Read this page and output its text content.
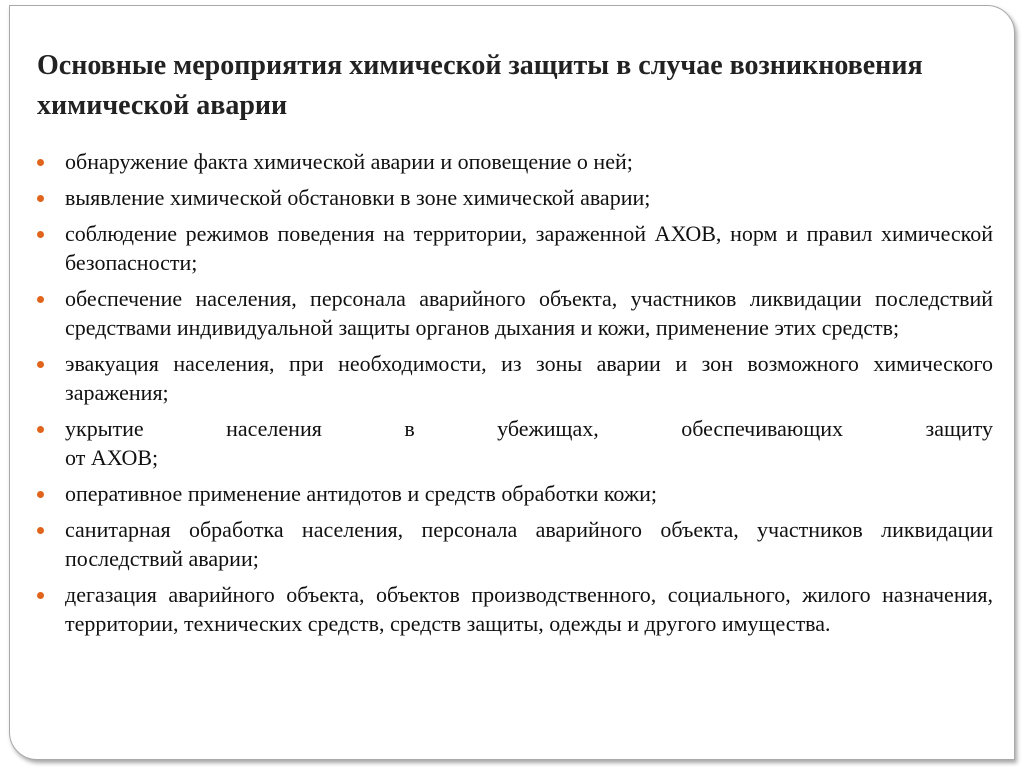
Основные мероприятия химической защиты в случае возникновения химической аварии
обнаружение факта химической аварии и оповещение о ней;
выявление химической обстановки в зоне химической аварии;
соблюдение режимов поведения на территории, зараженной АХОВ, норм и правил химической безопасности;
обеспечение населения, персонала аварийного объекта, участников ликвидации последствий средствами индивидуальной защиты органов дыхания и кожи, применение этих средств;
эвакуация населения, при необходимости, из зоны аварии и зон возможного химического заражения;
укрытие населения в убежищах, обеспечивающих защиту
от АХОВ;
оперативное применение антидотов и средств обработки кожи;
санитарная обработка населения, персонала аварийного объекта, участников ликвидации последствий аварии;
дегазация аварийного объекта, объектов производственного, социального, жилого назначения, территории, технических средств, средств защиты, одежды и другого имущества.
